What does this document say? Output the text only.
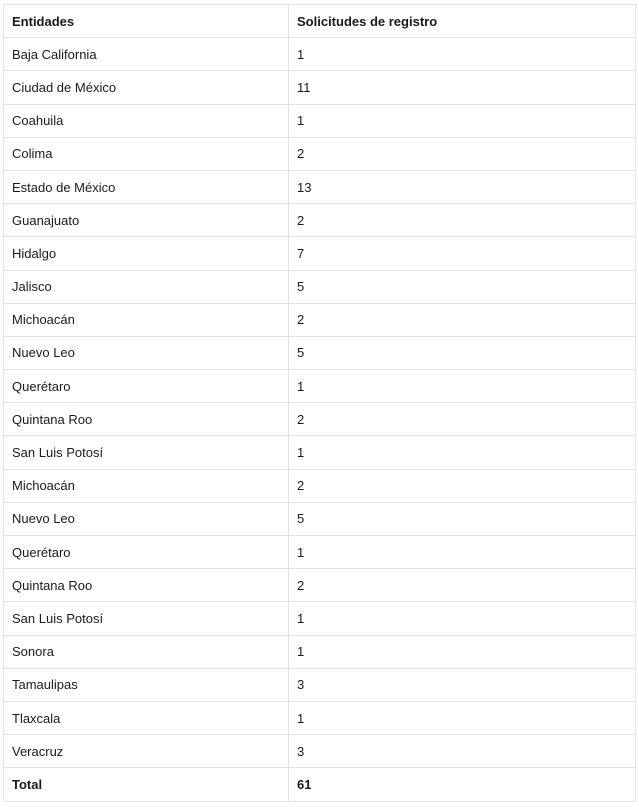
Entidades	Solicitudes de registro
Baja California	1
Ciudad de México	11
Coahuila	1
Colima	2
Estado de México	13
Guanajuato	2
Hidalgo	7
Jalisco	5
Michoacán	2
Nuevo Leo	5
Querétaro	1
Quintana Roo	2
San Luis Potosí	1
Michoacán	2
Nuevo Leo	5
Querétaro	1
Quintana Roo	2
San Luis Potosí	1
Sonora	1
Tamaulipas	3
Tlaxcala	1
Veracruz	3
Total	61
